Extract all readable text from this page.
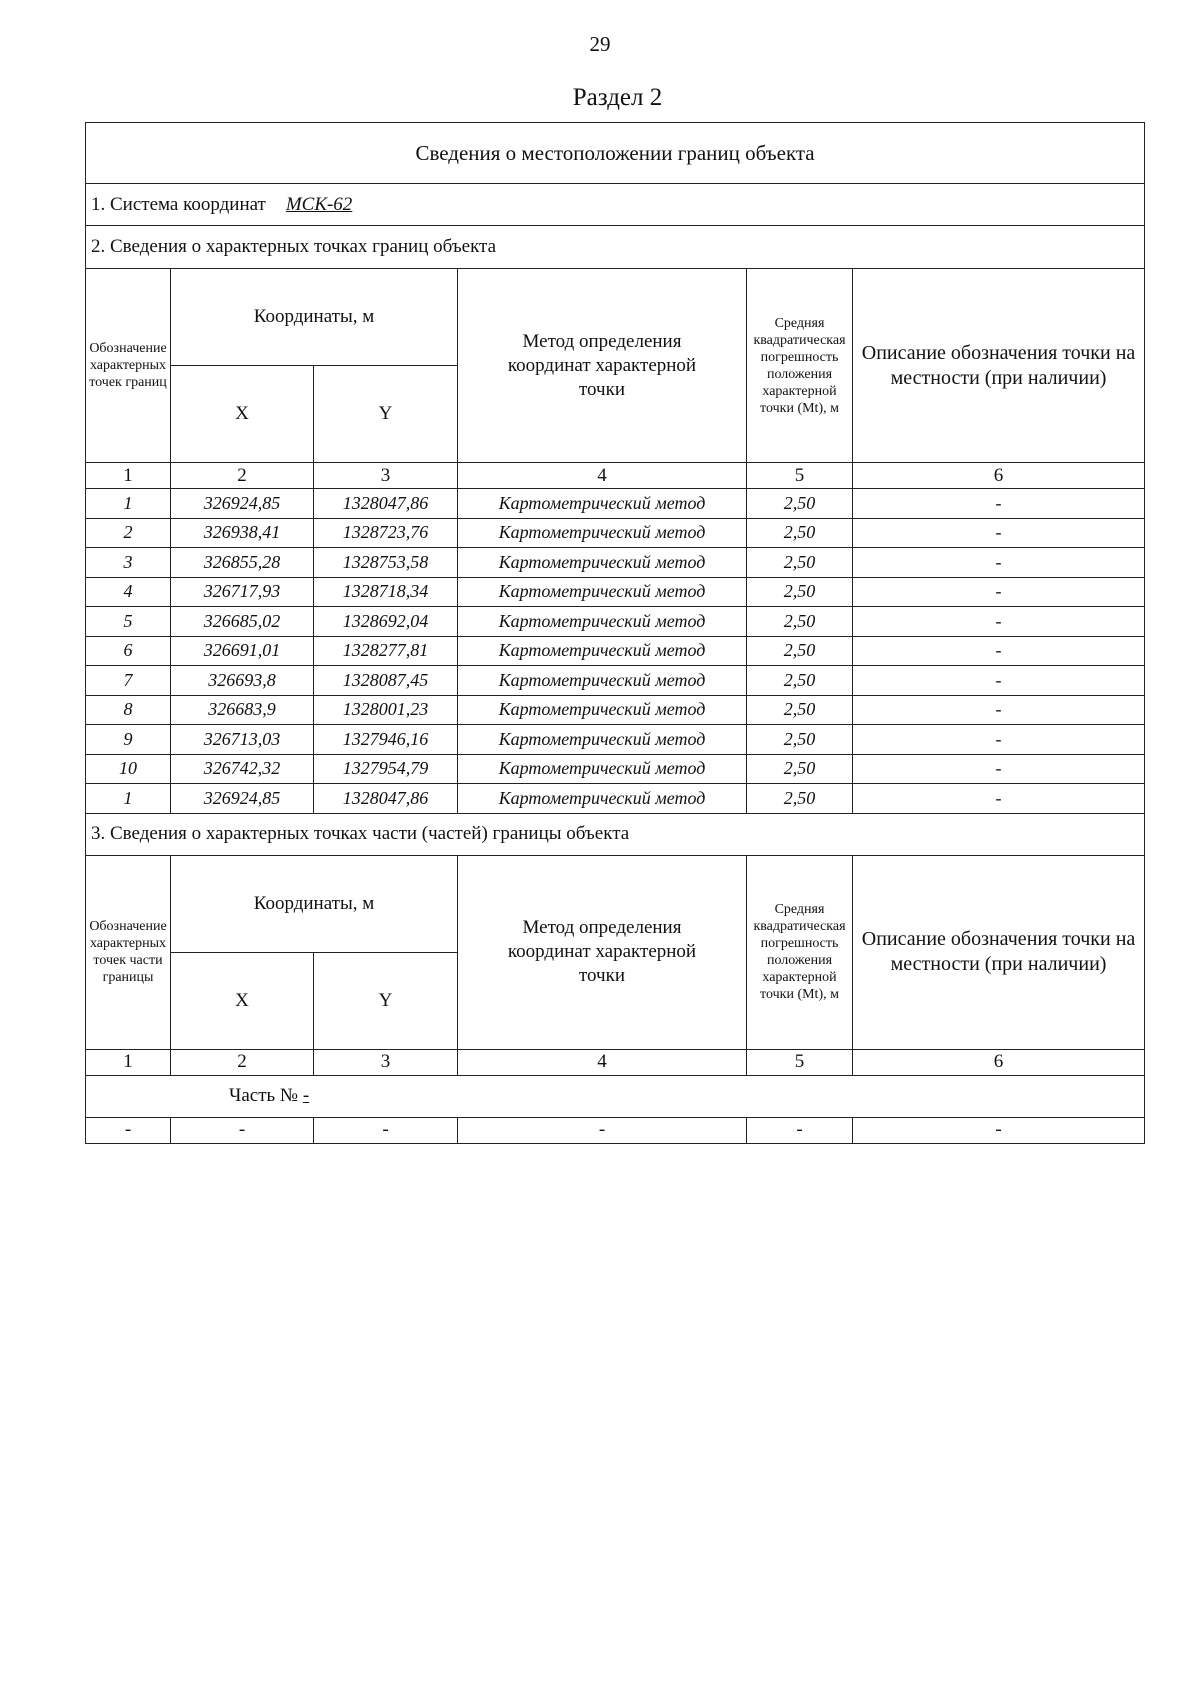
29
Раздел 2
Сведения о местоположении границ объекта					
1. Система координат МСК-62					
2. Сведения о характерных точках границ объекта					
Обозначение характерных точек границ	Координаты, м		Метод определения координат характерной точки	Средняя квадратическая погрешность положения характерной точки (Mt), м	Описание обозначения точки на местности (при наличии)
	X	Y			
1	2	3	4	5	6
1	326924,85	1328047,86	Картометрический метод	2,50	-
2	326938,41	1328723,76	Картометрический метод	2,50	-
3	326855,28	1328753,58	Картометрический метод	2,50	-
4	326717,93	1328718,34	Картометрический метод	2,50	-
5	326685,02	1328692,04	Картометрический метод	2,50	-
6	326691,01	1328277,81	Картометрический метод	2,50	-
7	326693,8	1328087,45	Картометрический метод	2,50	-
8	326683,9	1328001,23	Картометрический метод	2,50	-
9	326713,03	1327946,16	Картометрический метод	2,50	-
10	326742,32	1327954,79	Картометрический метод	2,50	-
1	326924,85	1328047,86	Картометрический метод	2,50	-
3. Сведения о характерных точках части (частей) границы объекта					
Обозначение характерных точек части границы	Координаты, м		Метод определения координат характерной точки	Средняя квадратическая погрешность положения характерной точки (Mt), м	Описание обозначения точки на местности (при наличии)
	X	Y			
1	2	3	4	5	6
Часть № -					
-	-	-	-	-	-
